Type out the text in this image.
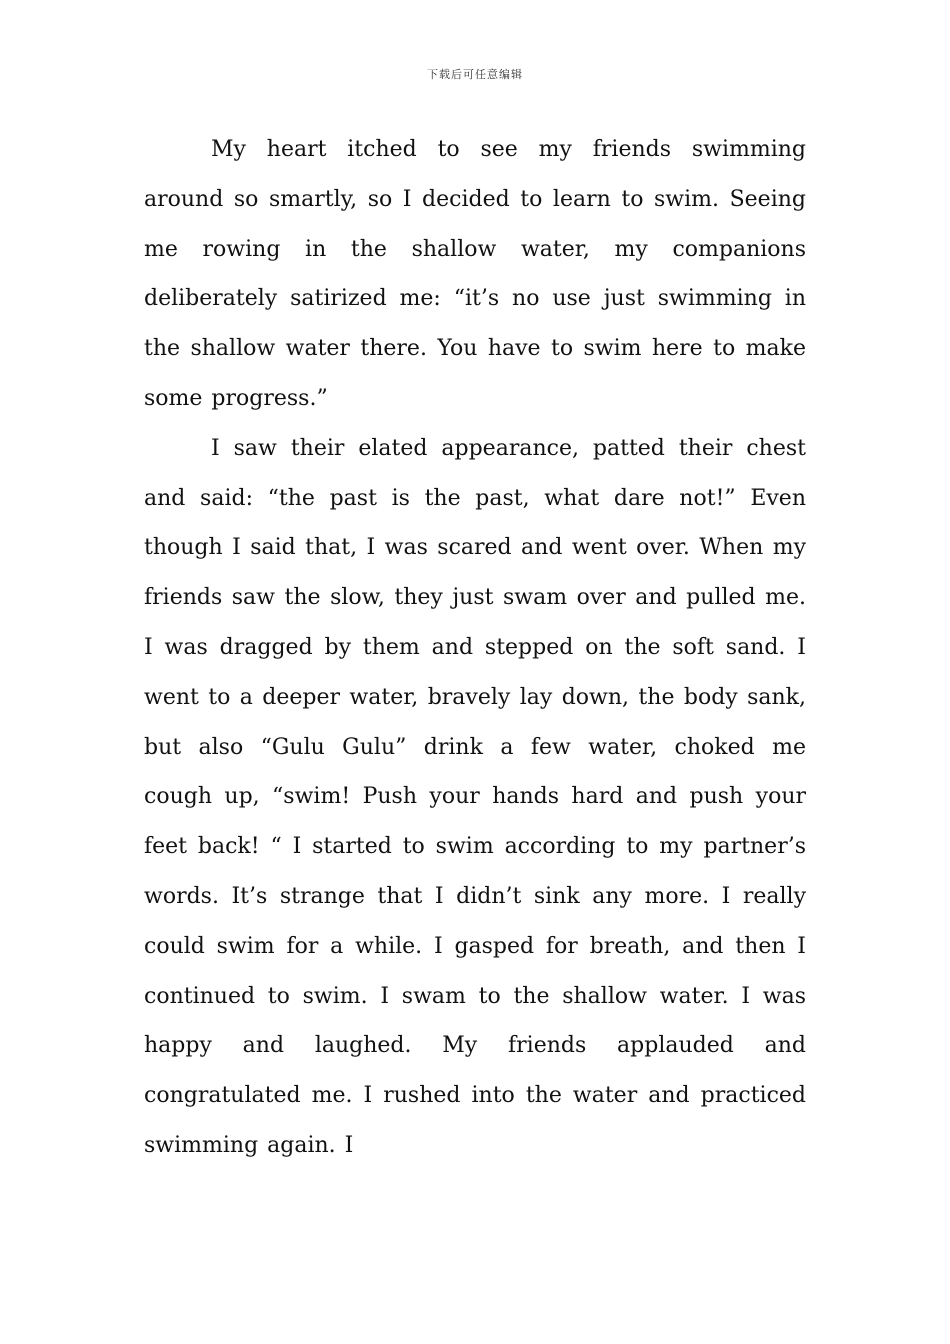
下载后可任意编辑

My heart itched to see my friends swimming around so smartly, so I decided to learn to swim. Seeing me rowing in the shallow water, my companions deliberately satirized me: “it’s no use just swimming in the shallow water there. You have to swim here to make some progress.”

I saw their elated appearance, patted their chest and said: “the past is the past, what dare not!” Even though I said that, I was scared and went over. When my friends saw the slow, they just swam over and pulled me. I was dragged by them and stepped on the soft sand. I went to a deeper water, bravely lay down, the body sank, but also “Gulu Gulu” drink a few water, choked me cough up, “swim! Push your hands hard and push your feet back! “ I started to swim according to my partner’s words. It’s strange that I didn’t sink any more. I really could swim for a while. I gasped for breath, and then I continued to swim. I swam to the shallow water. I was happy and laughed. My friends applauded and congratulated me. I rushed into the water and practiced swimming again. I
